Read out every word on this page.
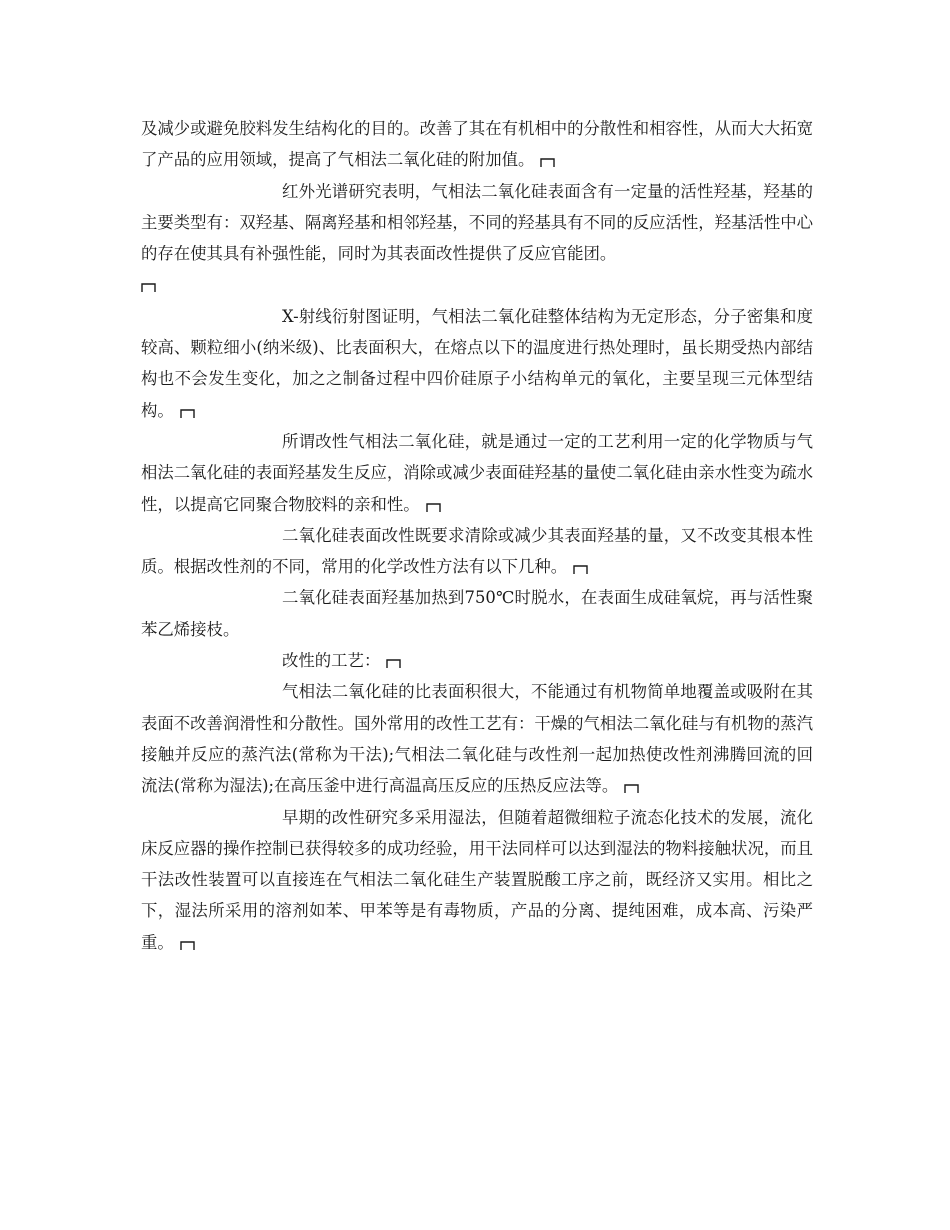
及减少或避免胶料发生结构化的目的。改善了其在有机相中的分散性和相容性，从而大大拓宽了产品的应用领域，提高了气相法二氧化硅的附加值。

红外光谱研究表明，气相法二氧化硅表面含有一定量的活性羟基，羟基的主要类型有：双羟基、隔离羟基和相邻羟基，不同的羟基具有不同的反应活性，羟基活性中心的存在使其具有补强性能，同时为其表面改性提供了反应官能团。

X-射线衍射图证明，气相法二氧化硅整体结构为无定形态，分子密集和度较高、颗粒细小(纳米级)、比表面积大，在熔点以下的温度进行热处理时，虽长期受热内部结构也不会发生变化，加之之制备过程中四价硅原子小结构单元的氧化，主要呈现三元体型结构。

所谓改性气相法二氧化硅，就是通过一定的工艺利用一定的化学物质与气相法二氧化硅的表面羟基发生反应，消除或减少表面硅羟基的量使二氧化硅由亲水性变为疏水性，以提高它同聚合物胶料的亲和性。

二氧化硅表面改性既要求清除或减少其表面羟基的量，又不改变其根本性质。根据改性剂的不同，常用的化学改性方法有以下几种。

二氧化硅表面羟基加热到750℃时脱水，在表面生成硅氧烷，再与活性聚苯乙烯接枝。

改性的工艺：

气相法二氧化硅的比表面积很大，不能通过有机物简单地覆盖或吸附在其表面不改善润滑性和分散性。国外常用的改性工艺有：干燥的气相法二氧化硅与有机物的蒸汽接触并反应的蒸汽法(常称为干法);气相法二氧化硅与改性剂一起加热使改性剂沸腾回流的回流法(常称为湿法);在高压釜中进行高温高压反应的压热反应法等。

早期的改性研究多采用湿法，但随着超微细粒子流态化技术的发展，流化床反应器的操作控制已获得较多的成功经验，用干法同样可以达到湿法的物料接触状况，而且干法改性装置可以直接连在气相法二氧化硅生产装置脱酸工序之前，既经济又实用。相比之下，湿法所采用的溶剂如苯、甲苯等是有毒物质，产品的分离、提纯困难，成本高、污染严重。
